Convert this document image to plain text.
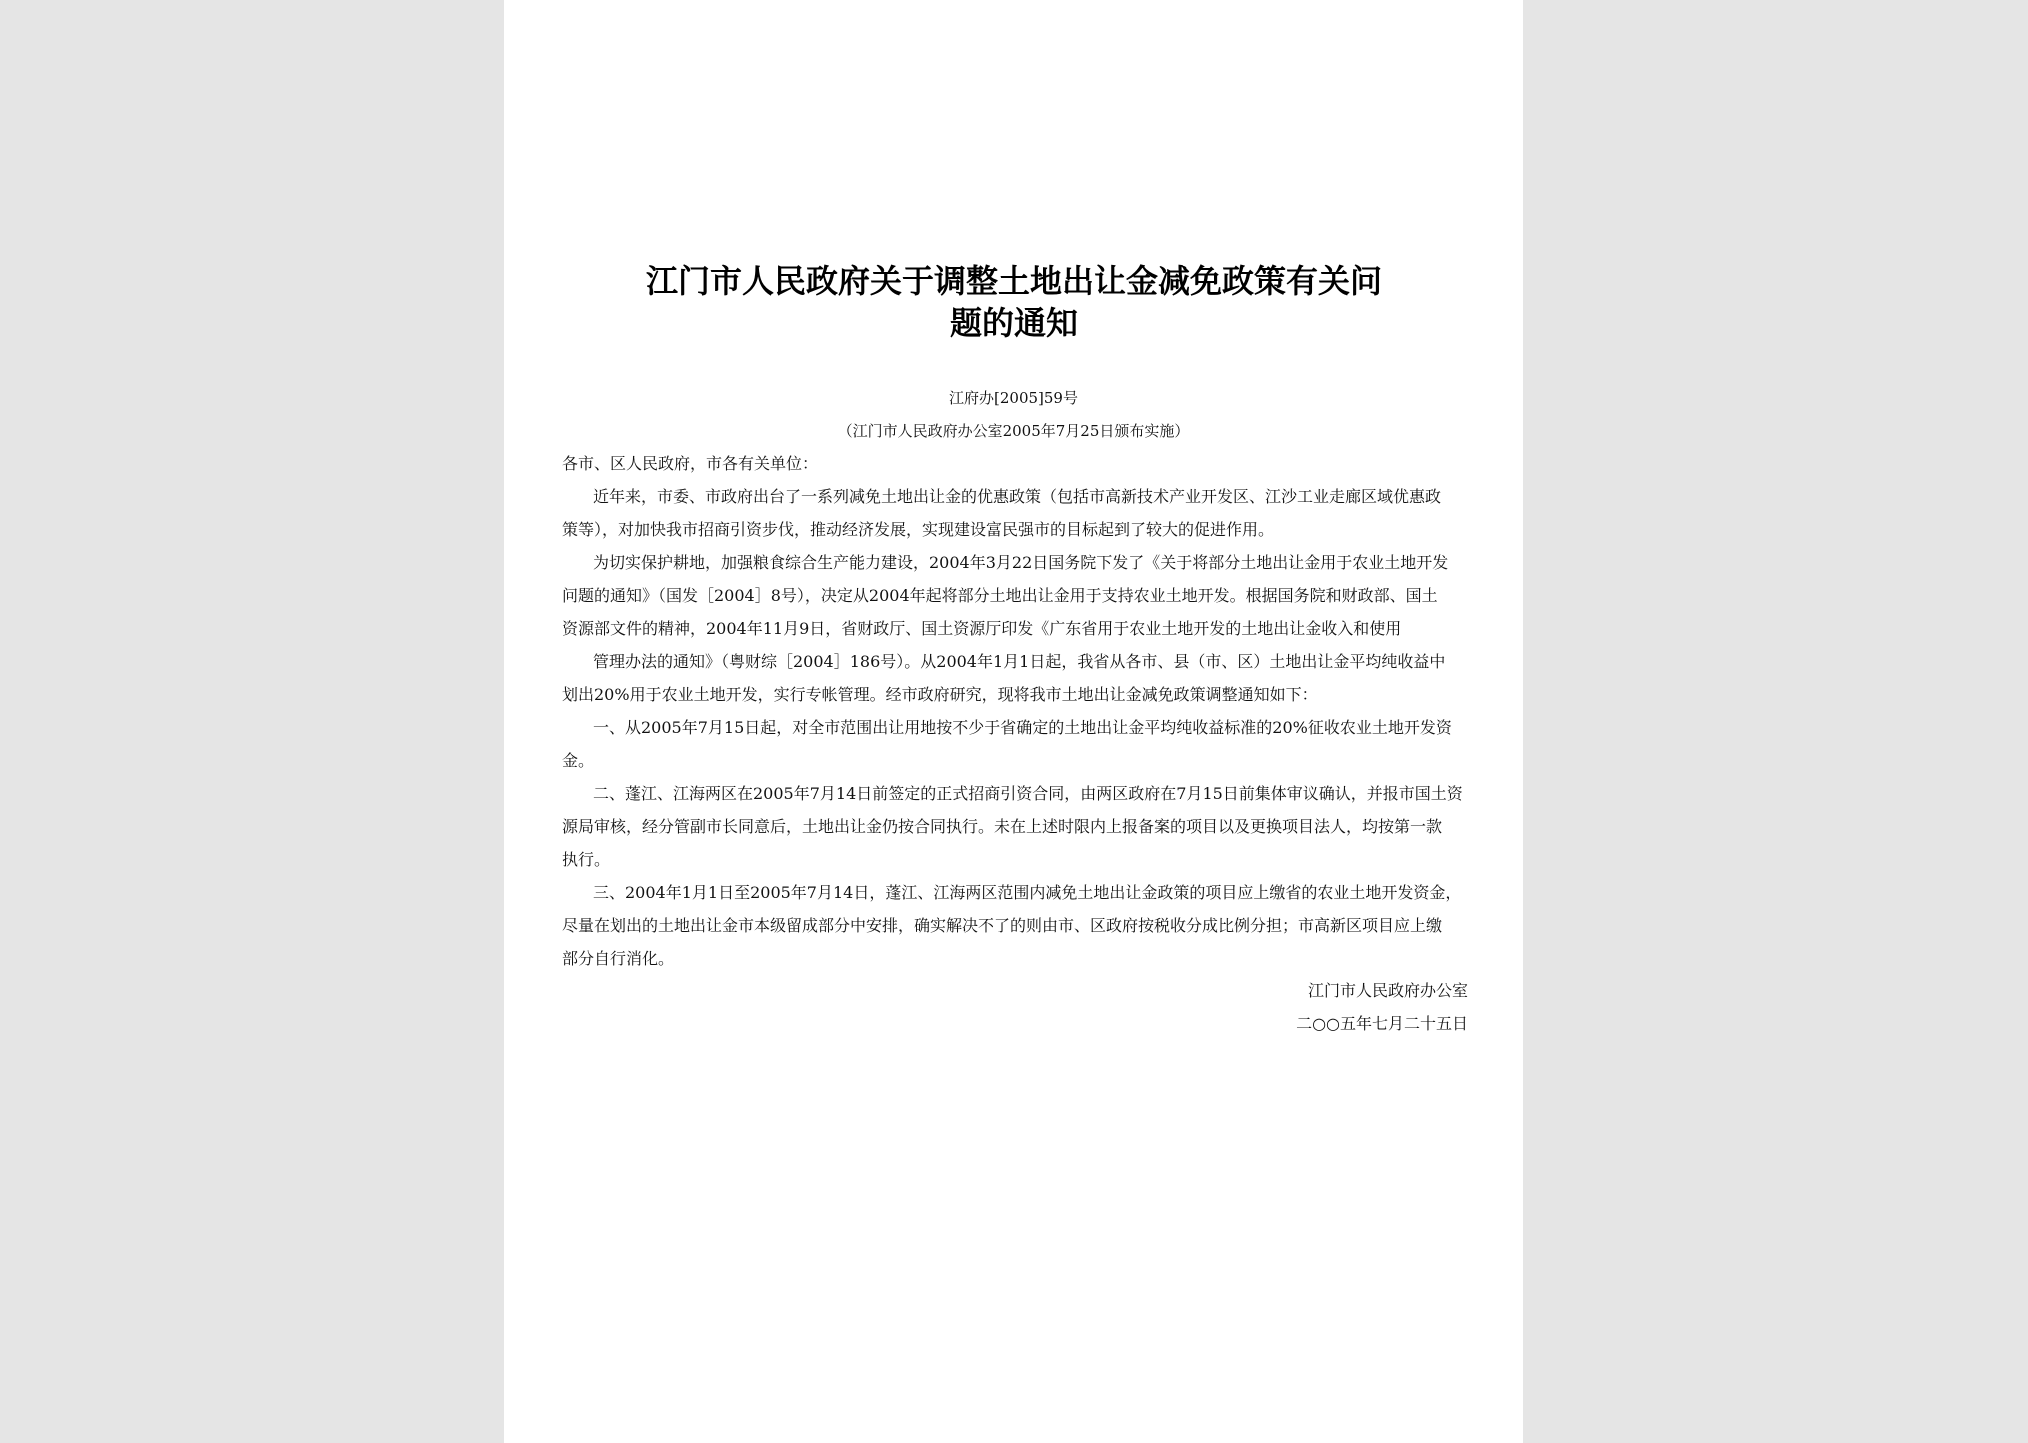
江门市人民政府关于调整土地出让金减免政策有关问
题的通知
江府办[2005]59号
（江门市人民政府办公室2005年7月25日颁布实施）
各市、区人民政府，市各有关单位：
近年来，市委、市政府出台了一系列减免土地出让金的优惠政策（包括市高新技术产业开发区、江沙工业走廊区域优惠政
策等），对加快我市招商引资步伐，推动经济发展，实现建设富民强市的目标起到了较大的促进作用。
为切实保护耕地，加强粮食综合生产能力建设，2004年3月22日国务院下发了《关于将部分土地出让金用于农业土地开发
问题的通知》（国发［2004］8号），决定从2004年起将部分土地出让金用于支持农业土地开发。根据国务院和财政部、国土
资源部文件的精神，2004年11月9日，省财政厅、国土资源厅印发《广东省用于农业土地开发的土地出让金收入和使用
管理办法的通知》（粤财综［2004］186号）。从2004年1月1日起，我省从各市、县（市、区）土地出让金平均纯收益中
划出20%用于农业土地开发，实行专帐管理。经市政府研究，现将我市土地出让金减免政策调整通知如下：
一、从2005年7月15日起，对全市范围出让用地按不少于省确定的土地出让金平均纯收益标准的20%征收农业土地开发资
金。
二、蓬江、江海两区在2005年7月14日前签定的正式招商引资合同，由两区政府在7月15日前集体审议确认，并报市国土资
源局审核，经分管副市长同意后，土地出让金仍按合同执行。未在上述时限内上报备案的项目以及更换项目法人，均按第一款
执行。
三、2004年1月1日至2005年7月14日，蓬江、江海两区范围内减免土地出让金政策的项目应上缴省的农业土地开发资金，
尽量在划出的土地出让金市本级留成部分中安排，确实解决不了的则由市、区政府按税收分成比例分担；市高新区项目应上缴
部分自行消化。
江门市人民政府办公室
二○○五年七月二十五日
